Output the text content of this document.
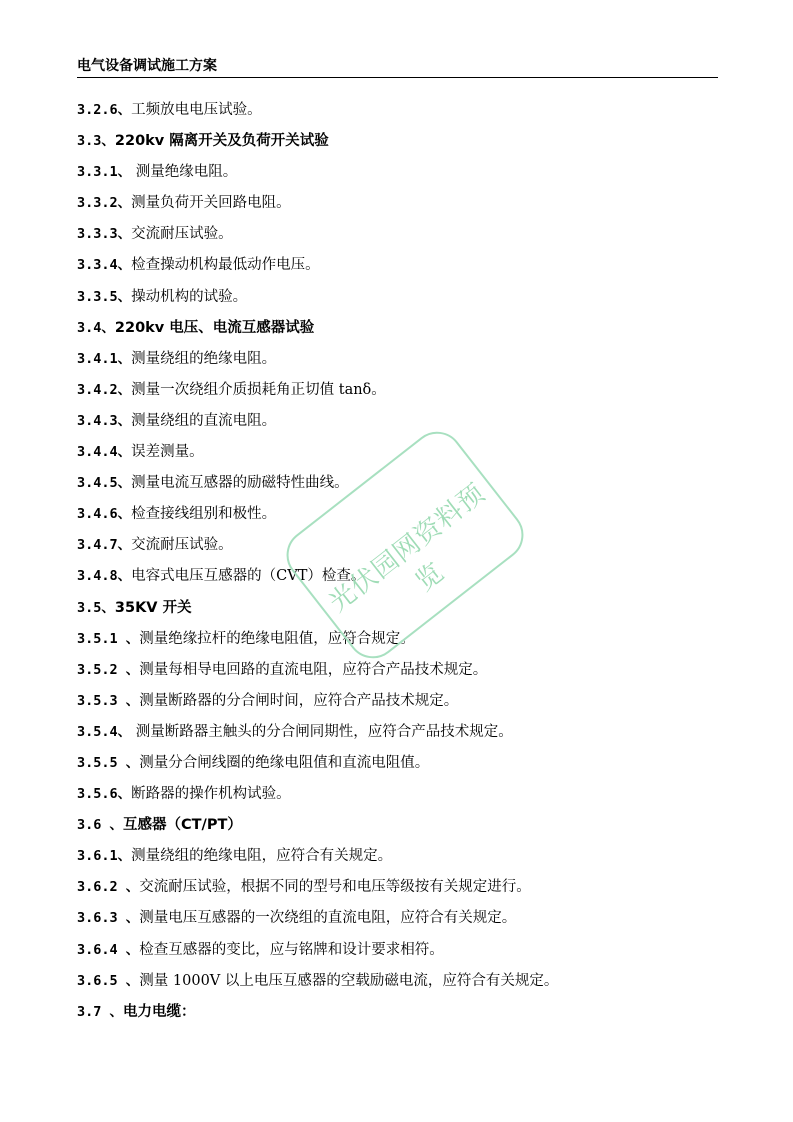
电气设备调试施工方案
3.2.6、工频放电电压试验。
3.3、220kv 隔离开关及负荷开关试验
3.3.1、 测量绝缘电阻。
3.3.2、测量负荷开关回路电阻。
3.3.3、交流耐压试验。
3.3.4、检查操动机构最低动作电压。
3.3.5、操动机构的试验。
3.4、220kv 电压、电流互感器试验
3.4.1、测量绕组的绝缘电阻。
3.4.2、测量一次绕组介质损耗角正切值 tanδ。
3.4.3、测量绕组的直流电阻。
3.4.4、误差测量。
3.4.5、测量电流互感器的励磁特性曲线。
3.4.6、检查接线组别和极性。
3.4.7、交流耐压试验。
3.4.8、电容式电压互感器的（CVT）检查。
3.5、35KV 开关
3.5.1 、测量绝缘拉杆的绝缘电阻值，应符合规定。
3.5.2 、测量每相导电回路的直流电阻，应符合产品技术规定。
3.5.3 、测量断路器的分合闸时间，应符合产品技术规定。
3.5.4、 测量断路器主触头的分合闸同期性，应符合产品技术规定。
3.5.5 、测量分合闸线圈的绝缘电阻值和直流电阻值。
3.5.6、断路器的操作机构试验。
3.6 、互感器（CT/PT）
3.6.1、测量绕组的绝缘电阻，应符合有关规定。
3.6.2 、交流耐压试验，根据不同的型号和电压等级按有关规定进行。
3.6.3 、测量电压互感器的一次绕组的直流电阻，应符合有关规定。
3.6.4 、检查互感器的变比，应与铭牌和设计要求相符。
3.6.5 、测量 1000V 以上电压互感器的空载励磁电流，应符合有关规定。
3.7 、电力电缆：
光伏园网资料预览
